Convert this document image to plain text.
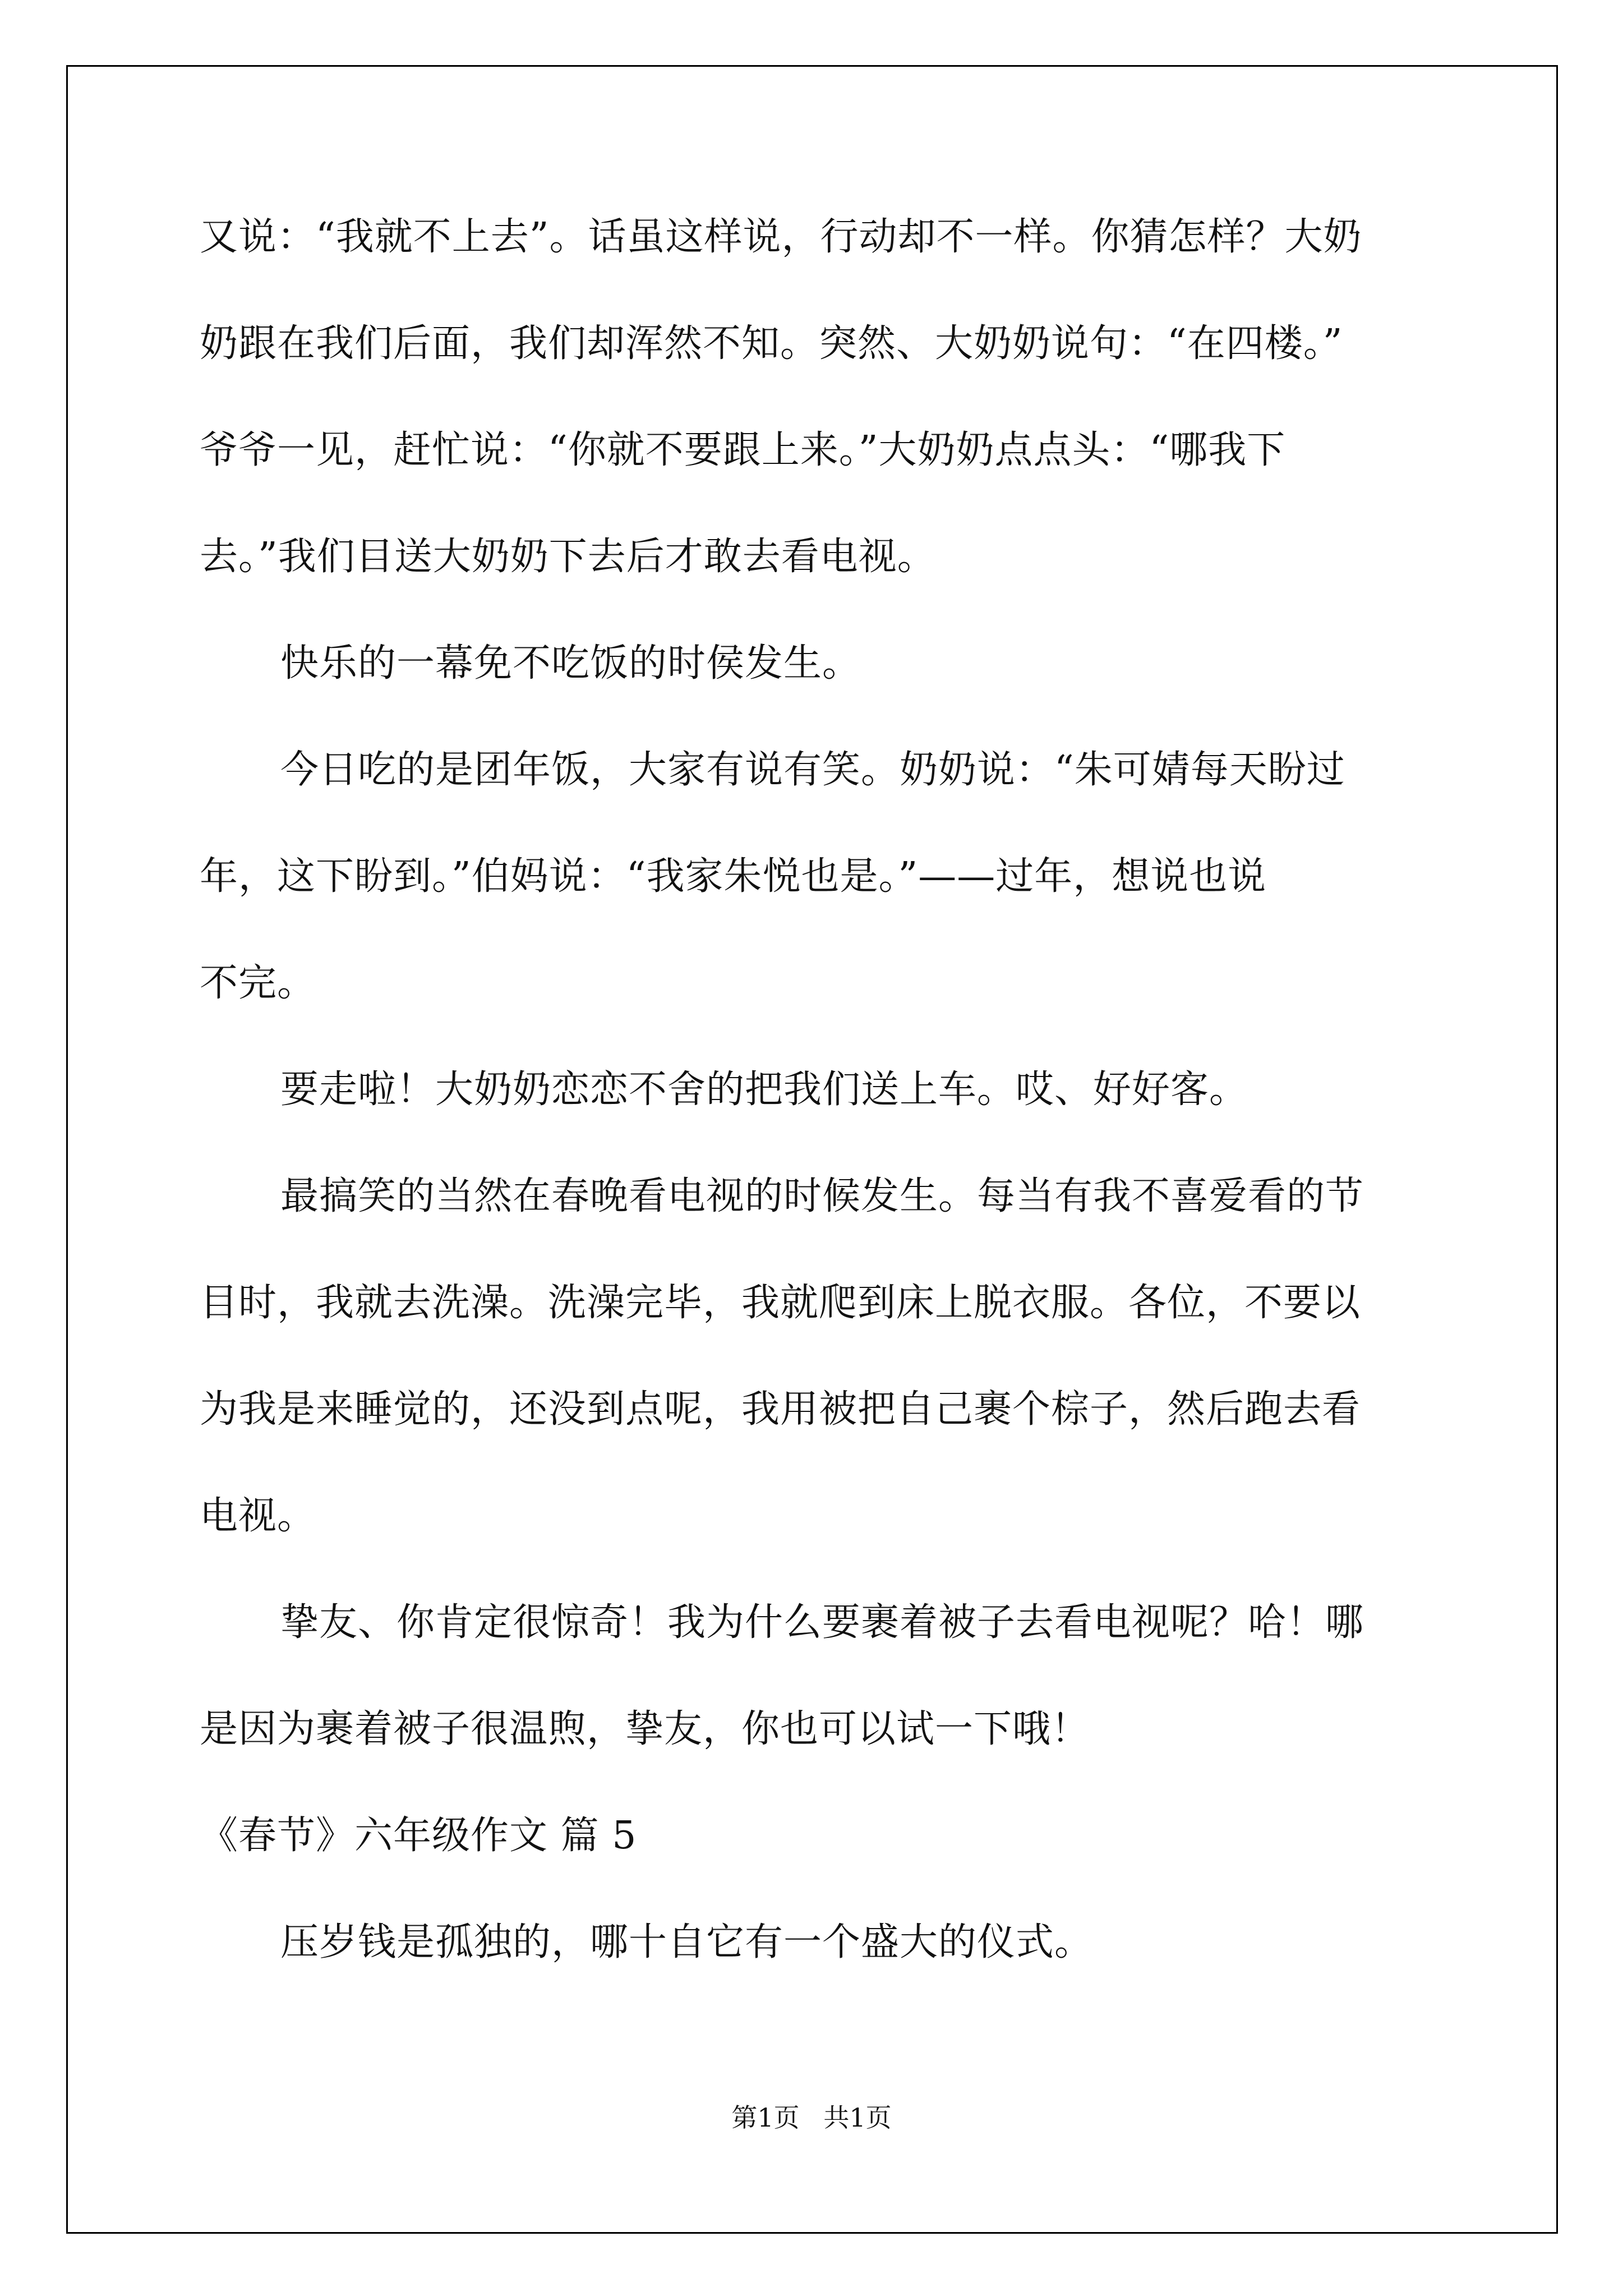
又说：“我就不上去”。话虽这样说，行动却不一样。你猜怎样？大奶
奶跟在我们后面，我们却浑然不知。突然、大奶奶说句：“在四楼。”
爷爷一见，赶忙说：“你就不要跟上来。”大奶奶点点头：“哪我下
去。”我们目送大奶奶下去后才敢去看电视。
快乐的一幕免不吃饭的时侯发生。
今日吃的是团年饭，大家有说有笑。奶奶说：“朱可婧每天盼过
年，这下盼到。”伯妈说：“我家朱悦也是。”——过年，想说也说
不完。
要走啦！大奶奶恋恋不舍的把我们送上车。哎、好好客。
最搞笑的当然在春晚看电视的时候发生。每当有我不喜爱看的节
目时，我就去洗澡。洗澡完毕，我就爬到床上脱衣服。各位，不要以
为我是来睡觉的，还没到点呢，我用被把自己裹个棕子，然后跑去看
电视。
挚友、你肯定很惊奇！我为什么要裹着被子去看电视呢？哈！哪
是因为裹着被子很温煦，挚友，你也可以试一下哦！
《春节》六年级作文 篇 5
压岁钱是孤独的，哪十自它有一个盛大的仪式。
第1页 共1页
